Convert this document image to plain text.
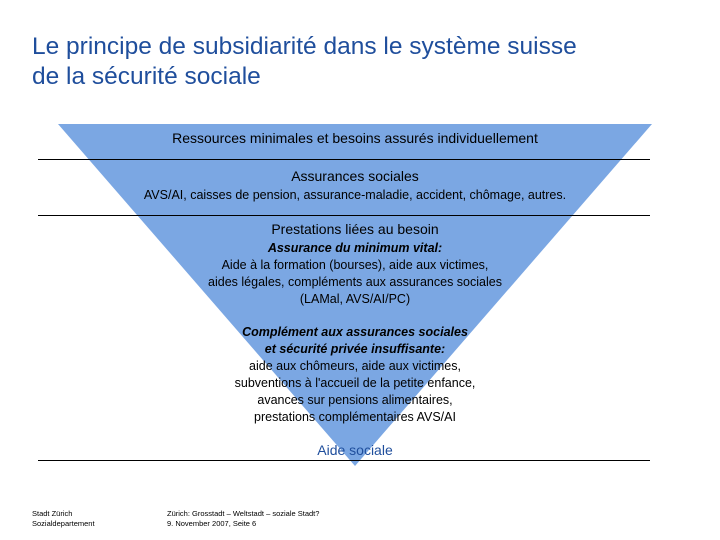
Le principe de subsidiarité dans le système suisse
de la sécurité sociale
Ressources minimales et besoins assurés individuellement
Assurances sociales
AVS/AI, caisses de pension, assurance-maladie, accident, chômage, autres.
Prestations liées au besoin
Assurance du minimum vital:
Aide à la formation (bourses), aide aux victimes,
aides légales, compléments aux assurances sociales
(LAMal, AVS/AI/PC)
Complément aux assurances sociales
et sécurité privée insuffisante:
aide aux chômeurs, aide aux victimes,
subventions à l'accueil de la petite enfance,
avances sur pensions alimentaires,
prestations complémentaires AVS/AI
Aide sociale
Stadt Zürich
Sozialdepartement
Zürich: Grosstadt – Weltstadt – soziale Stadt?
9. November 2007, Seite 6
